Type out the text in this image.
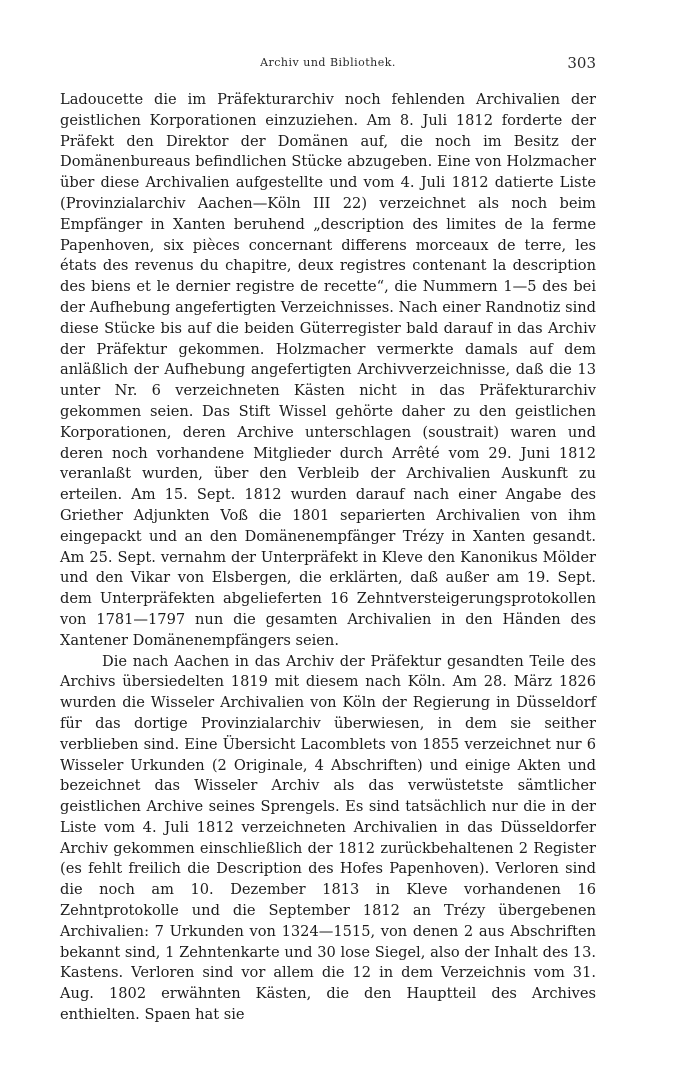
Archiv und Bibliothek.	303

Ladoucette die im Präfekturarchiv noch fehlenden Archivalien der geistlichen Korporationen einzuziehen. Am 8. Juli 1812 forderte der Präfekt den Direktor der Domänen auf, die noch im Besitz der Domänenbureaus befindlichen Stücke abzugeben. Eine von Holzmacher über diese Archivalien aufgestellte und vom 4. Juli 1812 datierte Liste (Provinzialarchiv Aachen—Köln III 22) verzeichnet als noch beim Empfänger in Xanten beruhend „description des limites de la ferme Papenhoven, six pièces concernant differens morceaux de terre, les états des revenus du chapitre, deux registres contenant la description des biens et le dernier registre de recette“, die Nummern 1—5 des bei der Aufhebung angefertigten Verzeichnisses. Nach einer Randnotiz sind diese Stücke bis auf die beiden Güterregister bald darauf in das Archiv der Präfektur gekommen. Holzmacher vermerkte damals auf dem anläßlich der Aufhebung angefertigten Archivverzeichnisse, daß die 13 unter Nr. 6 verzeichneten Kästen nicht in das Präfekturarchiv gekommen seien. Das Stift Wissel gehörte daher zu den geistlichen Korporationen, deren Archive unterschlagen (soustrait) waren und deren noch vorhandene Mitglieder durch Arrêté vom 29. Juni 1812 veranlaßt wurden, über den Verbleib der Archivalien Auskunft zu erteilen. Am 15. Sept. 1812 wurden darauf nach einer Angabe des Griether Adjunkten Voß die 1801 separierten Archivalien von ihm eingepackt und an den Domänenempfänger Trézy in Xanten gesandt. Am 25. Sept. vernahm der Unterpräfekt in Kleve den Kanonikus Mölder und den Vikar von Elsbergen, die erklärten, daß außer am 19. Sept. dem Unterpräfekten abgelieferten 16 Zehntversteigerungsprotokollen von 1781—1797 nun die gesamten Archivalien in den Händen des Xantener Domänenempfängers seien.

Die nach Aachen in das Archiv der Präfektur gesandten Teile des Archivs übersiedelten 1819 mit diesem nach Köln. Am 28. März 1826 wurden die Wisseler Archivalien von Köln der Regierung in Düsseldorf für das dortige Provinzialarchiv überwiesen, in dem sie seither verblieben sind. Eine Übersicht Lacomblets von 1855 verzeichnet nur 6 Wisseler Urkunden (2 Originale, 4 Abschriften) und einige Akten und bezeichnet das Wisseler Archiv als das verwüstetste sämtlicher geistlichen Archive seines Sprengels. Es sind tatsächlich nur die in der Liste vom 4. Juli 1812 verzeichneten Archivalien in das Düsseldorfer Archiv gekommen einschließlich der 1812 zurückbehaltenen 2 Register (es fehlt freilich die Description des Hofes Papenhoven). Verloren sind die noch am 10. Dezember 1813 in Kleve vorhandenen 16 Zehntprotokolle und die September 1812 an Trézy übergebenen Archivalien: 7 Urkunden von 1324—1515, von denen 2 aus Abschriften bekannt sind, 1 Zehntenkarte und 30 lose Siegel, also der Inhalt des 13. Kastens. Verloren sind vor allem die 12 in dem Verzeichnis vom 31. Aug. 1802 erwähnten Kästen, die den Hauptteil des Archives enthielten. Spaen hat sie
